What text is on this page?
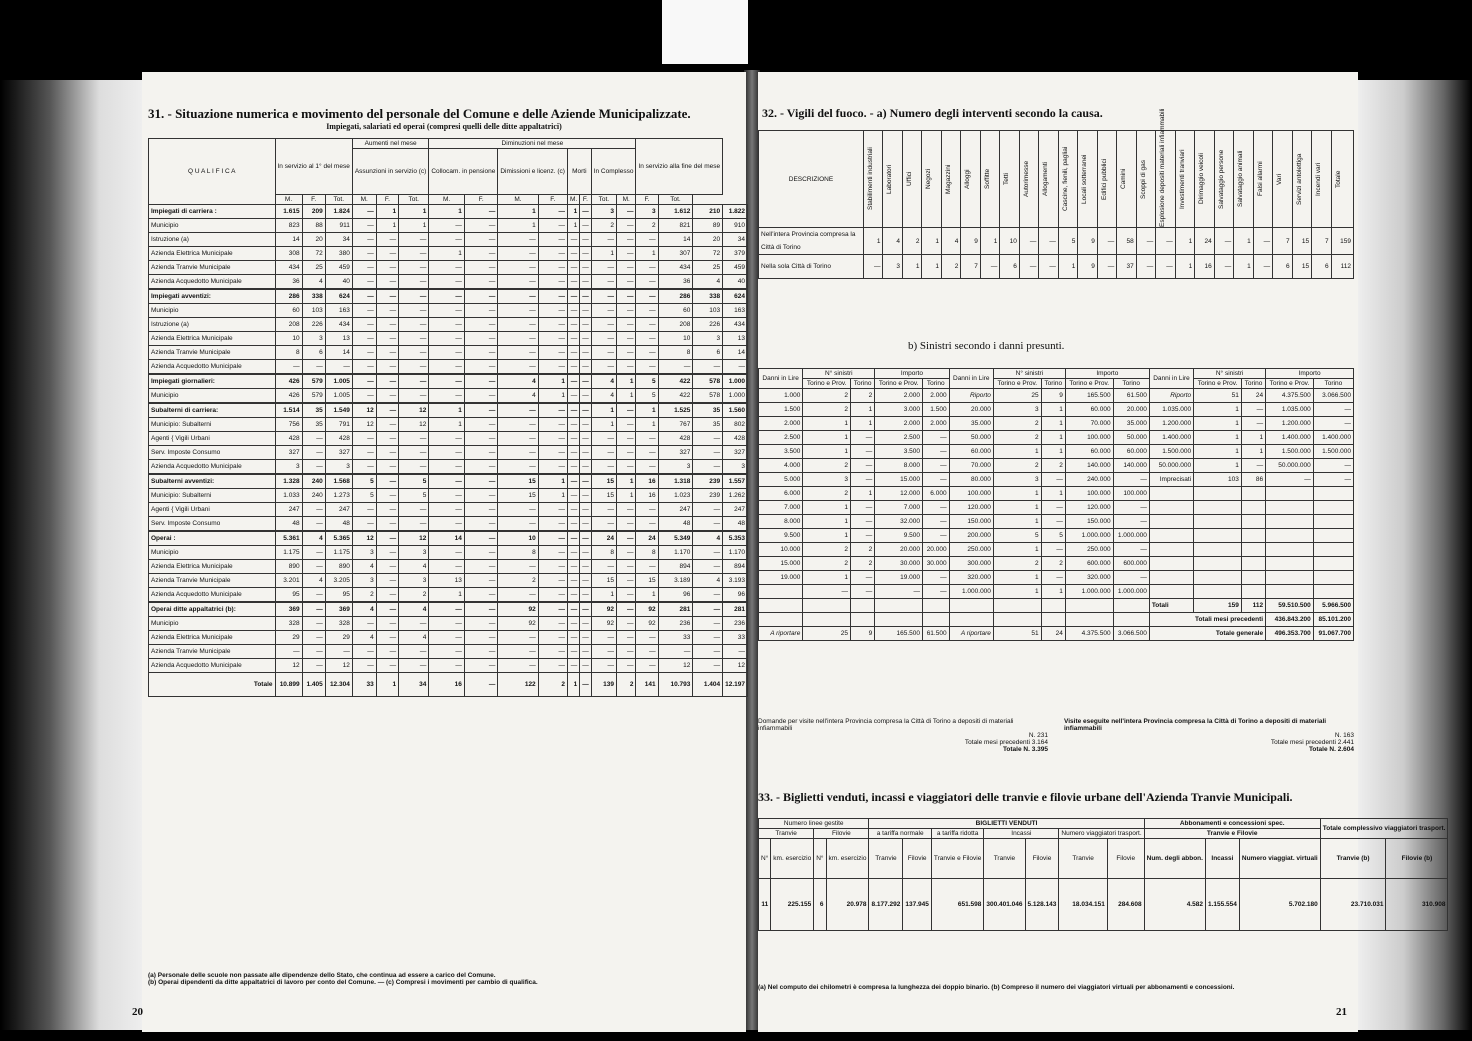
31. - Situazione numerica e movimento del personale del Comune e delle Aziende Municipalizzate.
Impiegati, salariati ed operai (compresi quelli delle ditte appaltatrici)
Q U A L I F I C A	In servizio al 1° del mese			Aumenti nel mese			Diminuzioni nel mese								In servizio alla fine del mese			
				Assunzioni in servizio (c)			Collocam. in pensione		Dimissioni e licenz. (c)		Morti		In Complesso					
	M.	F.	Tot.	M.	F.	Tot.	M.	F.	M.	F.	M.	F.	Tot.	M.	F.	Tot.		
Impiegati di carriera :	1.615	209	1.824	—	1	1	1	—	1	—	1	—	3	—	3	1.612	210	1.822
Municipio	823	88	911	—	1	1	—	—	1	—	1	—	2	—	2	821	89	910
Istruzione (a)	14	20	34	—	—	—	—	—	—	—	—	—	—	—	—	14	20	34
Azienda Elettrica Municipale	308	72	380	—	—	—	1	—	—	—	—	—	1	—	1	307	72	379
Azienda Tranvie Municipale	434	25	459	—	—	—	—	—	—	—	—	—	—	—	—	434	25	459
Azienda Acquedotto Municipale	36	4	40	—	—	—	—	—	—	—	—	—	—	—	—	36	4	40

Impiegati avventizi:	286	338	624	—	—	—	—	—	—	—	—	—	—	—	—	286	338	624
Municipio	60	103	163	—	—	—	—	—	—	—	—	—	—	—	—	60	103	163
Istruzione (a)	208	226	434	—	—	—	—	—	—	—	—	—	—	—	—	208	226	434
Azienda Elettrica Municipale	10	3	13	—	—	—	—	—	—	—	—	—	—	—	—	10	3	13
Azienda Tranvie Municipale	8	6	14	—	—	—	—	—	—	—	—	—	—	—	—	8	6	14
Azienda Acquedotto Municipale	—	—	—	—	—	—	—	—	—	—	—	—	—	—	—	—	—	—

Impiegati giornalieri:	426	579	1.005	—	—	—	—	—	4	1	—	—	4	1	5	422	578	1.000
Municipio	426	579	1.005	—	—	—	—	—	4	1	—	—	4	1	5	422	578	1.000

Subalterni di carriera:	1.514	35	1.549	12	—	12	1	—	—	—	—	—	1	—	1	1.525	35	1.560
Municipio: Subalterni	756	35	791	12	—	12	1	—	—	—	—	—	1	—	1	767	35	802
Agenti { Vigili Urbani	428	—	428	—	—	—	—	—	—	—	—	—	—	—	—	428	—	428
Serv. Imposte Consumo	327	—	327	—	—	—	—	—	—	—	—	—	—	—	—	327	—	327
Azienda Acquedotto Municipale	3	—	3	—	—	—	—	—	—	—	—	—	—	—	—	3	—	3

Subalterni avventizi:	1.328	240	1.568	5	—	5	—	—	15	1	—	—	15	1	16	1.318	239	1.557
Municipio: Subalterni	1.033	240	1.273	5	—	5	—	—	15	1	—	—	15	1	16	1.023	239	1.262
Agenti { Vigili Urbani	247	—	247	—	—	—	—	—	—	—	—	—	—	—	—	247	—	247
Serv. Imposte Consumo	48	—	48	—	—	—	—	—	—	—	—	—	—	—	—	48	—	48

Operai :	5.361	4	5.365	12	—	12	14	—	10	—	—	—	24	—	24	5.349	4	5.353
Municipio	1.175	—	1.175	3	—	3	—	—	8	—	—	—	8	—	8	1.170	—	1.170
Azienda Elettrica Municipale	890	—	890	4	—	4	—	—	—	—	—	—	—	—	—	894	—	894
Azienda Tranvie Municipale	3.201	4	3.205	3	—	3	13	—	2	—	—	—	15	—	15	3.189	4	3.193
Azienda Acquedotto Municipale	95	—	95	2	—	2	1	—	—	—	—	—	1	—	1	96	—	96

Operai ditte appaltatrici (b):	369	—	369	4	—	4	—	—	92	—	—	—	92	—	92	281	—	281
Municipio	328	—	328	—	—	—	—	—	92	—	—	—	92	—	92	236	—	236
Azienda Elettrica Municipale	29	—	29	4	—	4	—	—	—	—	—	—	—	—	—	33	—	33
Azienda Tranvie Municipale	—	—	—	—	—	—	—	—	—	—	—	—	—	—	—	—	—	—
Azienda Acquedotto Municipale	12	—	12	—	—	—	—	—	—	—	—	—	—	—	—	12	—	12
Totale	10.899	1.405	12.304	33	1	34	16	—	122	2	1	—	139	2	141	10.793	1.404	12.197
(a) Personale delle scuole non passate alle dipendenze dello Stato, che continua ad essere a carico del Comune.
(b) Operai dipendenti da ditte appaltatrici di lavoro per conto del Comune. — (c) Compresi i movimenti per cambio di qualifica.
20
32. - Vigili del fuoco. - a) Numero degli interventi secondo la causa.
DESCRIZIONE	Stabilimenti industriali	Laboratori	Uffici	Negozi	Magazzini	Alloggi	Soffitte	Tetti	Autorimesse	Allogamenti	Cascine, fienili, pagliai	Locali sotterranei	Edifici pubblici	Camini	Scoppi di gas	Esplosione depositi materiali infiammabili	Investimenti tranviari	Dirimaggio veicoli	Salvataggio persone	Salvataggio animali	Falsi allarmi	Vari	Servizi antolettiga	Incendi vari	Totale

Nell'intera Provincia compresa la Città di Torino	1	4	2	1	4	9	1	10	—	—	5	9	—	58	—	—	1	24	—	1	—	7	15	7	159
Nella sola Città di Torino	—	3	1	1	2	7	—	6	—	—	1	9	—	37	—	—	1	16	—	1	—	6	15	6	112
b) Sinistri secondo i danni presunti.
Danni in Lire	N° sinistri		Importo		Danni in Lire	N° sinistri		Importo		Danni in Lire	N° sinistri		Importo	
	Torino e Prov.	Torino	Torino e Prov.	Torino		Torino e Prov.	Torino	Torino e Prov.	Torino		Torino e Prov.	Torino	Torino e Prov.	Torino
1.000	2	2	2.000	2.000	Riporto	25	9	165.500	61.500	Riporto	51	24	4.375.500	3.066.500
1.500	2	1	3.000	1.500	20.000	3	1	60.000	20.000	1.035.000	1	—	1.035.000	—
2.000	1	1	2.000	2.000	35.000	2	1	70.000	35.000	1.200.000	1	—	1.200.000	—
2.500	1	—	2.500	—	50.000	2	1	100.000	50.000	1.400.000	1	1	1.400.000	1.400.000
3.500	1	—	3.500	—	60.000	1	1	60.000	60.000	1.500.000	1	1	1.500.000	1.500.000
4.000	2	—	8.000	—	70.000	2	2	140.000	140.000	50.000.000	1	—	50.000.000	—
5.000	3	—	15.000	—	80.000	3	—	240.000	—	Imprecisati	103	86	—	—
6.000	2	1	12.000	6.000	100.000	1	1	100.000	100.000					
7.000	1	—	7.000	—	120.000	1	—	120.000	—					
8.000	1	—	32.000	—	150.000	1	—	150.000	—					
9.500	1	—	9.500	—	200.000	5	5	1.000.000	1.000.000					
10.000	2	2	20.000	20.000	250.000	1	—	250.000	—					
15.000	2	2	30.000	30.000	300.000	2	2	600.000	600.000					
19.000	1	—	19.000	—	320.000	1	—	320.000	—					
	—	—	—	—	1.000.000	1	1	1.000.000	1.000.000					
										Totali	159	112	59.510.500	5.966.500
										Totali mesi precedenti			436.843.200	85.101.200
A riportare	25	9	165.500	61.500	A riportare	51	24	4.375.500	3.066.500	Totale generale			496.353.700	91.067.700
Domande per visite nell'intera Provincia compresa la Città di Torino a depositi di materiali infiammabili
N. 231
Totale mesi precedenti 3.164
Totale N. 3.395
Visite eseguite nell'intera Provincia compresa la Città di Torino a depositi di materiali infiammabili
N. 163
Totale mesi precedenti 2.441
Totale N. 2.604
33. - Biglietti venduti, incassi e viaggiatori delle tranvie e filovie urbane dell'Azienda Tranvie Municipali.
Numero linee gestite				BIGLIETTI VENDUTI							Abbonamenti e concessioni spec.			Totale complessivo viaggiatori trasport.	
Tranvie		Filovie		a tariffa normale		a tariffa ridotta	Incassi		Numero viaggiatori trasport.		Tranvie e Filovie				
N°	km. esercizio	N°	km. esercizio	Tranvie	Filovie	Tranvie e Filovie	Tranvie	Filovie	Tranvie	Filovie	Num. degli abbon.	Incassi	Numero viaggiat. virtuali	Tranvie (b)	Filovie (b)
11	225.155	6	20.978	8.177.292	137.945	651.598	300.401.046	5.128.143	18.034.151	284.608	4.582	1.155.554	5.702.180	23.710.031	310.908
(a) Nel computo dei chilometri è compresa la lunghezza dei doppio binario. (b) Compreso il numero dei viaggiatori virtuali per abbonamenti e concessioni.
21
